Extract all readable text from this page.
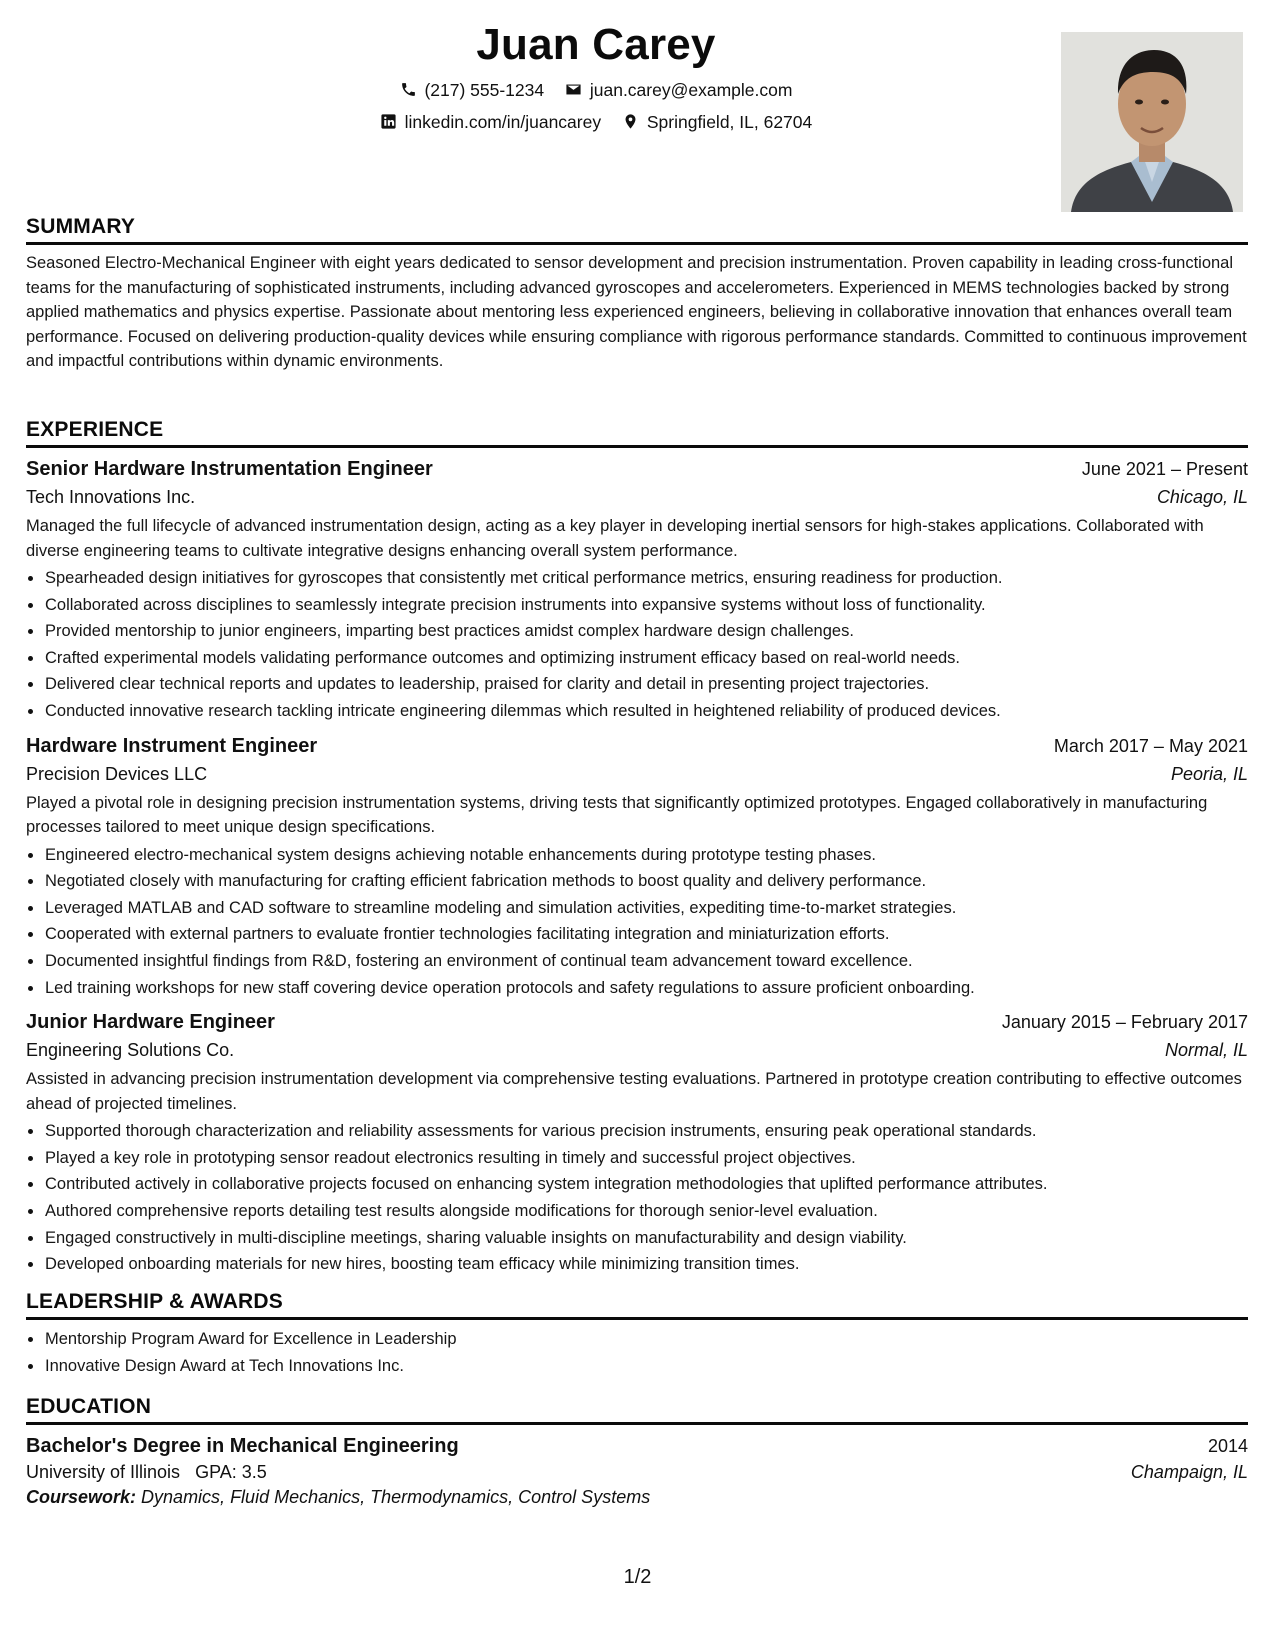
Juan Carey
(217) 555-1234	juan.carey@example.com
linkedin.com/in/juancarey	Springfield, IL, 62704
SUMMARY

Seasoned Electro-Mechanical Engineer with eight years dedicated to sensor development and precision instrumentation. Proven capability in leading cross-functional teams for the manufacturing of sophisticated instruments, including advanced gyroscopes and accelerometers. Experienced in MEMS technologies backed by strong applied mathematics and physics expertise. Passionate about mentoring less experienced engineers, believing in collaborative innovation that enhances overall team performance. Focused on delivering production-quality devices while ensuring compliance with rigorous performance standards. Committed to continuous improvement and impactful contributions within dynamic environments.

EXPERIENCE
Senior Hardware Instrumentation Engineer	June 2021 – Present
Tech Innovations Inc.	Chicago, IL

Managed the full lifecycle of advanced instrumentation design, acting as a key player in developing inertial sensors for high-stakes applications. Collaborated with diverse engineering teams to cultivate integrative designs enhancing overall system performance.

Spearheaded design initiatives for gyroscopes that consistently met critical performance metrics, ensuring readiness for production.
Collaborated across disciplines to seamlessly integrate precision instruments into expansive systems without loss of functionality.
Provided mentorship to junior engineers, imparting best practices amidst complex hardware design challenges.
Crafted experimental models validating performance outcomes and optimizing instrument efficacy based on real-world needs.
Delivered clear technical reports and updates to leadership, praised for clarity and detail in presenting project trajectories.
Conducted innovative research tackling intricate engineering dilemmas which resulted in heightened reliability of produced devices.
Hardware Instrument Engineer	March 2017 – May 2021
Precision Devices LLC	Peoria, IL

Played a pivotal role in designing precision instrumentation systems, driving tests that significantly optimized prototypes. Engaged collaboratively in manufacturing processes tailored to meet unique design specifications.

Engineered electro-mechanical system designs achieving notable enhancements during prototype testing phases.
Negotiated closely with manufacturing for crafting efficient fabrication methods to boost quality and delivery performance.
Leveraged MATLAB and CAD software to streamline modeling and simulation activities, expediting time-to-market strategies.
Cooperated with external partners to evaluate frontier technologies facilitating integration and miniaturization efforts.
Documented insightful findings from R&D, fostering an environment of continual team advancement toward excellence.
Led training workshops for new staff covering device operation protocols and safety regulations to assure proficient onboarding.
Junior Hardware Engineer	January 2015 – February 2017
Engineering Solutions Co.	Normal, IL

Assisted in advancing precision instrumentation development via comprehensive testing evaluations. Partnered in prototype creation contributing to effective outcomes ahead of projected timelines.

Supported thorough characterization and reliability assessments for various precision instruments, ensuring peak operational standards.
Played a key role in prototyping sensor readout electronics resulting in timely and successful project objectives.
Contributed actively in collaborative projects focused on enhancing system integration methodologies that uplifted performance attributes.
Authored comprehensive reports detailing test results alongside modifications for thorough senior-level evaluation.
Engaged constructively in multi-discipline meetings, sharing valuable insights on manufacturability and design viability.
Developed onboarding materials for new hires, boosting team efficacy while minimizing transition times.
LEADERSHIP & AWARDS
Mentorship Program Award for Excellence in Leadership
Innovative Design Award at Tech Innovations Inc.
EDUCATION
Bachelor's Degree in Mechanical Engineering	2014
University of Illinois GPA: 3.5	Champaign, IL
Coursework: Dynamics, Fluid Mechanics, Thermodynamics, Control Systems
1/2
